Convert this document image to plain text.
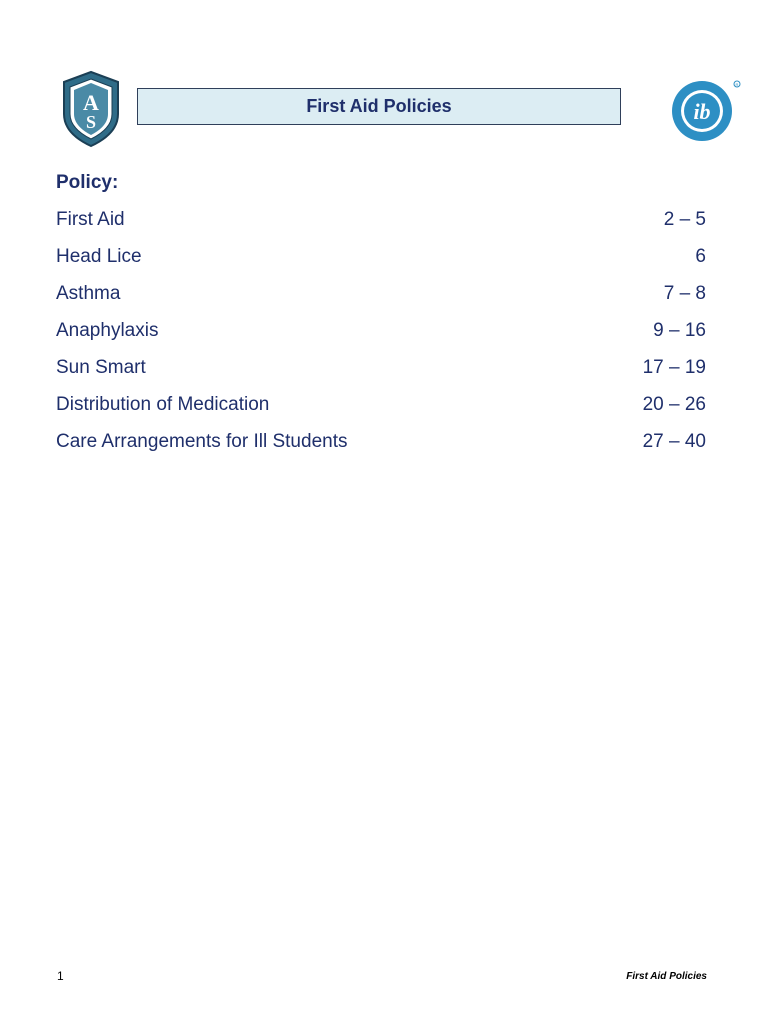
A
S
First Aid Policies	ib
R
Policy:
First Aid	2 – 5
Head Lice	6
Asthma	7 – 8
Anaphylaxis	9 – 16
Sun Smart	17 – 19
Distribution of Medication	20 – 26
Care Arrangements for Ill Students	27 – 40
1	First Aid Policies
